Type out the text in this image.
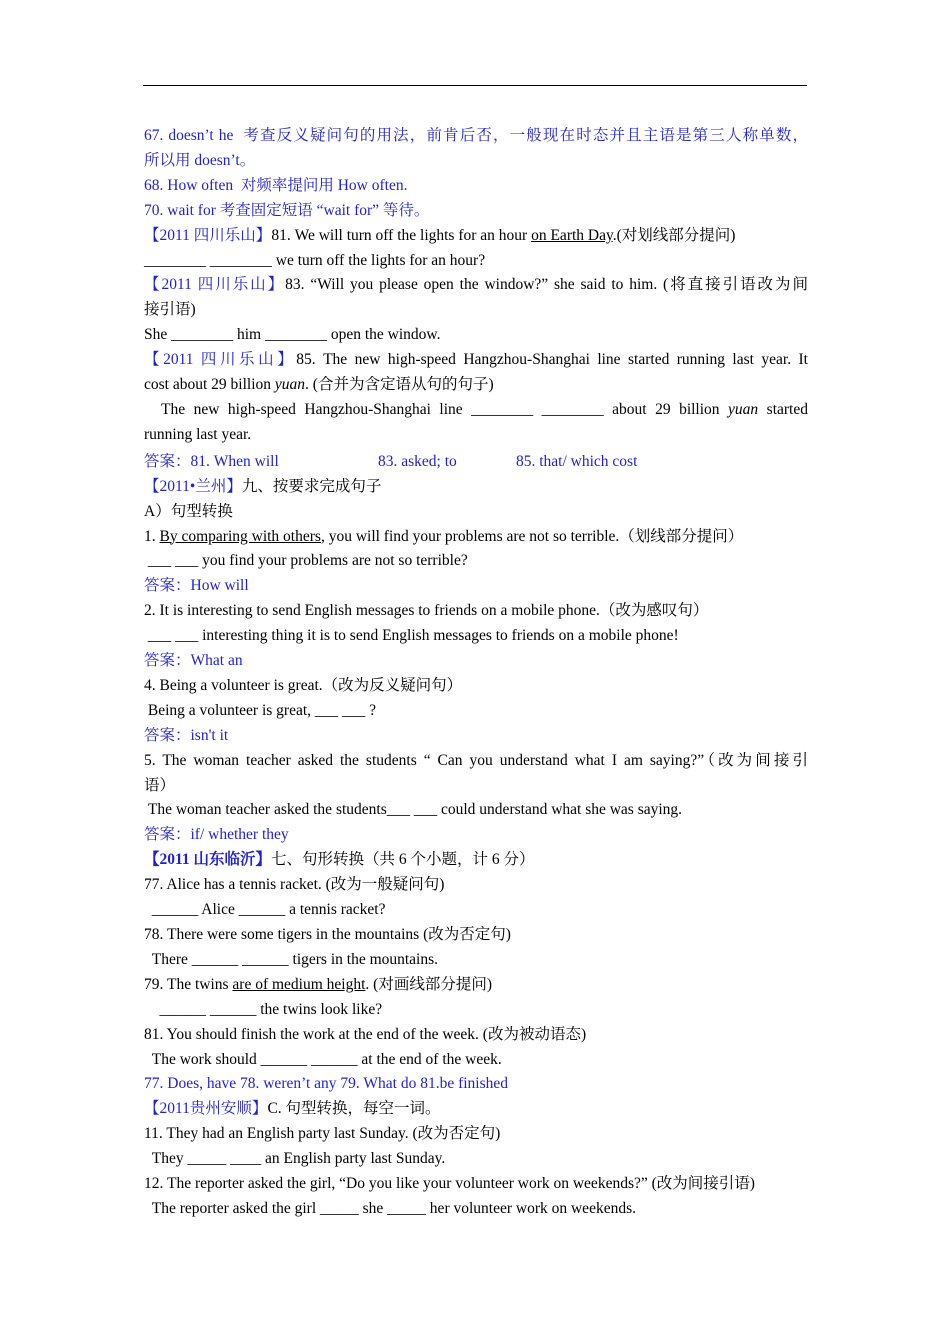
67. doesn’t he  考查反义疑问句的用法，前肯后否，一般现在时态并且主语是第三人称单数，
所以用 doesn’t。
68. How often  对频率提问用 How often.
70. wait for 考查固定短语 “wait for” 等待。
【2011 四川乐山】81. We will turn off the lights for an hour on Earth Day.(对划线部分提问)
________ ________ we turn off the lights for an hour?
【2011 四川乐山】83. “Will you please open the window?” she said to him. (将直接引语改为间
接引语)
She ________ him ________ open the window.
【2011 四川乐山】85. The new high-speed Hangzhou-Shanghai line started running last year. It
cost about 29 billion yuan. (合并为含定语从句的句子)
The new high-speed Hangzhou-Shanghai line ________ ________ about 29 billion yuan started
running last year.
答案：81. When will	83. asked; to	85. that/ which cost
【2011•兰州】九、按要求完成句子
A）句型转换
1. By comparing with others, you will find your problems are not so terrible.（划线部分提问）
___ ___ you find your problems are not so terrible?
答案：How will
2. It is interesting to send English messages to friends on a mobile phone.（改为感叹句）
___ ___ interesting thing it is to send English messages to friends on a mobile phone!
答案：What an
4. Being a volunteer is great.（改为反义疑问句）
Being a volunteer is great, ___ ___ ?
答案：isn't it
5. The woman teacher asked the students “ Can you understand what I am saying?”（改为间接引
语）
The woman teacher asked the students___ ___ could understand what she was saying.
答案：if/ whether they
【2011 山东临沂】七、句形转换（共 6 个小题，计 6 分）
77. Alice has a tennis racket. (改为一般疑问句)
______ Alice ______ a tennis racket?
78. There were some tigers in the mountains (改为否定句)
There ______ ______ tigers in the mountains.
79. The twins are of medium height. (对画线部分提问)
______ ______ the twins look like?
81. You should finish the work at the end of the week. (改为被动语态)
The work should ______ ______ at the end of the week.
77. Does, have 78. weren’t any 79. What do 81.be finished
【2011贵州安顺】C. 句型转换，每空一词。
11. They had an English party last Sunday. (改为否定句)
They _____ ____ an English party last Sunday.
12. The reporter asked the girl, “Do you like your volunteer work on weekends?” (改为间接引语)
The reporter asked the girl _____ she _____ her volunteer work on weekends.
